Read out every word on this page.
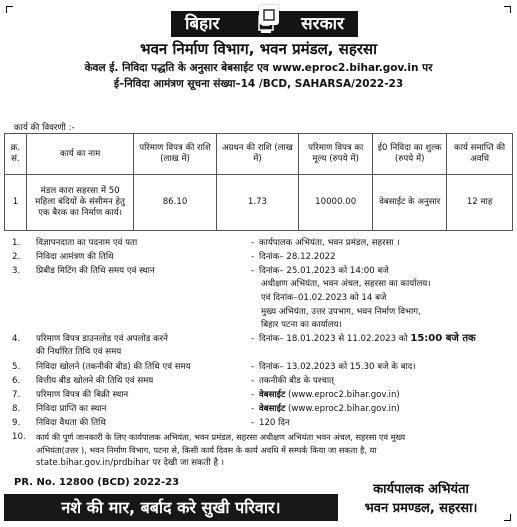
बिहार	सरकार
भवन निर्माण विभाग, भवन प्रमंडल, सहरसा
केवल ई. निविदा पद्धति के अनुसार बेबसाईट एव www.eproc2.bihar.gov.in पर
ई–निविदा आमंत्रण सूचना संख्या–14 /BCD, SAHARSA/2022-23
कार्य की विवरणी :-
क्र. सं.	कार्य का नाम	परिमाण विपत्र की राशि (लाख में)	अग्रधन की राशि (लाख में)	परिमाण विपत्र का मूल्य (रुपये में)	ई0 निविदा का शुल्क (रुपये में)	कार्य समाप्ति की अवधि
1	मंडल कारा सहरसा में 50 महिला बंदियों के संसीमन हेतु एक बैरक का निर्माण कार्य।	86.10	1.73	10000.00	वेबसाईट के अनुसार	12 माह
1. विज्ञापनदाता का पदनाम एवं पता	- कार्यपालक अभियंता, भवन प्रमंडल, सहरसा ।
2. निविदा आमंत्रण की तिथि	- दिनांक– 28.12.2022
3. प्रिबीड मिटिंग की तिथि समय एवं स्थान	- दिनांक– 25.01.2023 को 14:00 बजे
अधीक्षण अभियंता, भवन अंचल, सहरसा का कार्यालय।
एवं दिनांक–01.02.2023 को 14 बजे
मुख्य अभियंता, उत्तर उपभाग, भवन निर्माण विभाग,
बिहार पटना का कार्यालय।
4. परिमाण विपत्र डाउनलोड एवं अपलोड करने	- दिनांक– 18.01.2023 से 11.02.2023 को 15:00 बजे तक
की निर्धारित तिथि एवं समय
5. निविदा खोलने (तकनीकी बीड) की तिथि एवं समय	- दिनांक– 13.02.2023 को 15.30 बजे के बाद।
6. वित्तीय बीड खोलने की तिथि एवं समय	- तकनीकी बीड के पश्चात्
7. परिमाण विपत्र की बिक्री स्थान	- वेबसाईट (www.eproc2.bihar.gov.in)
8. निविदा प्राप्ति का स्थान	- वेबसाईट (www.eproc2.bihar.gov.in)
9. निविदा वैधता की तिथि	- 120 दिन
10. कार्य की पूर्ण जानकारी के लिए कार्यपालक अभियंता, भवन प्रमंडल, सहरसा अधीक्षण अभियंता भवन अंचल, सहरसा एवं मुख्य
अभियंता(उत्तर ), भवन निर्माण विभाग, पटना से, किसी कार्य दिवस के कार्य अवधि में सम्पर्क किया जा सकता है, या
state.bihar.gov.in/prdbihar पर देखी जा सकती है ।
PR. No. 12800 (BCD) 2022-23	कार्यपालक अभियंता
नशे की मार, बर्बाद करे सुखी परिवार।	भवन प्रमण्डल, सहरसा।
